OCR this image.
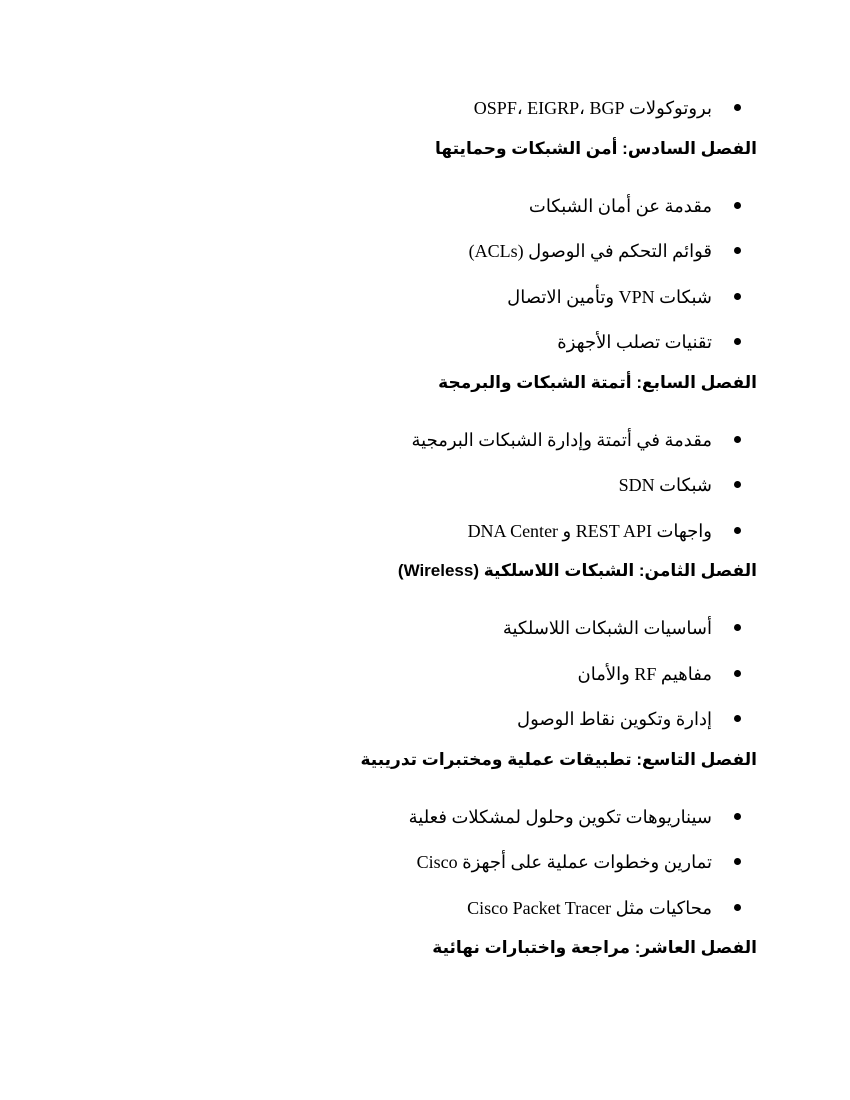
بروتوكولات OSPF، EIGRP، BGP
الفصل السادس: أمن الشبكات وحمايتها
مقدمة عن أمان الشبكات
قوائم التحكم في الوصول (ACLs)
شبكات VPN وتأمين الاتصال
تقنيات تصلب الأجهزة
الفصل السابع: أتمتة الشبكات والبرمجة
مقدمة في أتمتة وإدارة الشبكات البرمجية
شبكات SDN
واجهات REST API و DNA Center
الفصل الثامن: الشبكات اللاسلكية (Wireless)
أساسيات الشبكات اللاسلكية
مفاهيم RF والأمان
إدارة وتكوين نقاط الوصول
الفصل التاسع: تطبيقات عملية ومختبرات تدريبية
سيناريوهات تكوين وحلول لمشكلات فعلية
تمارين وخطوات عملية على أجهزة Cisco
محاكيات مثل Cisco Packet Tracer
الفصل العاشر: مراجعة واختبارات نهائية
